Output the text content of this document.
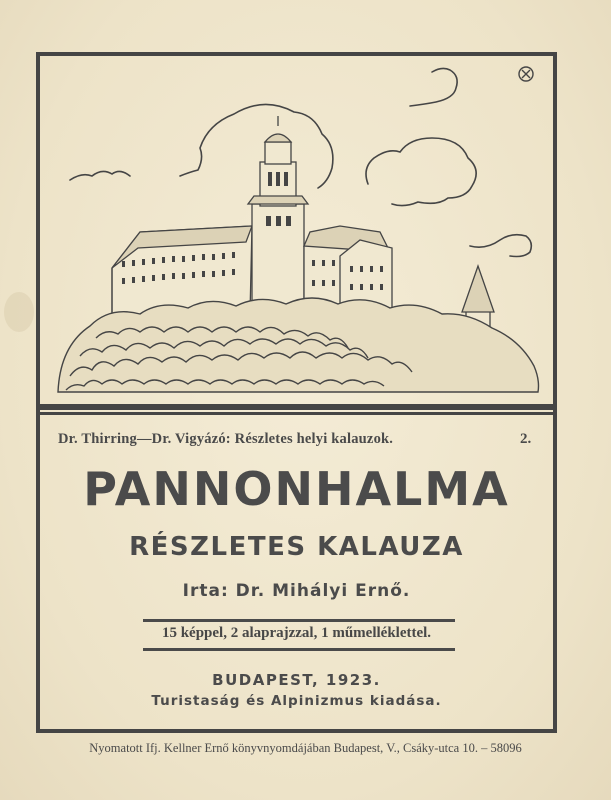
Dr. Thirring—Dr. Vigyázó: Részletes helyi kalauzok.	2.
PANNONHALMA
RÉSZLETES KALAUZA
Irta: Dr. Mihályi Ernő.
15 képpel, 2 alaprajzzal, 1 műmelléklettel.
BUDAPEST, 1923.
Turistaság és Alpinizmus kiadása.
Nyomatott Ifj. Kellner Ernő könyvnyomdájában Budapest, V., Csáky-utca 10. – 58096
